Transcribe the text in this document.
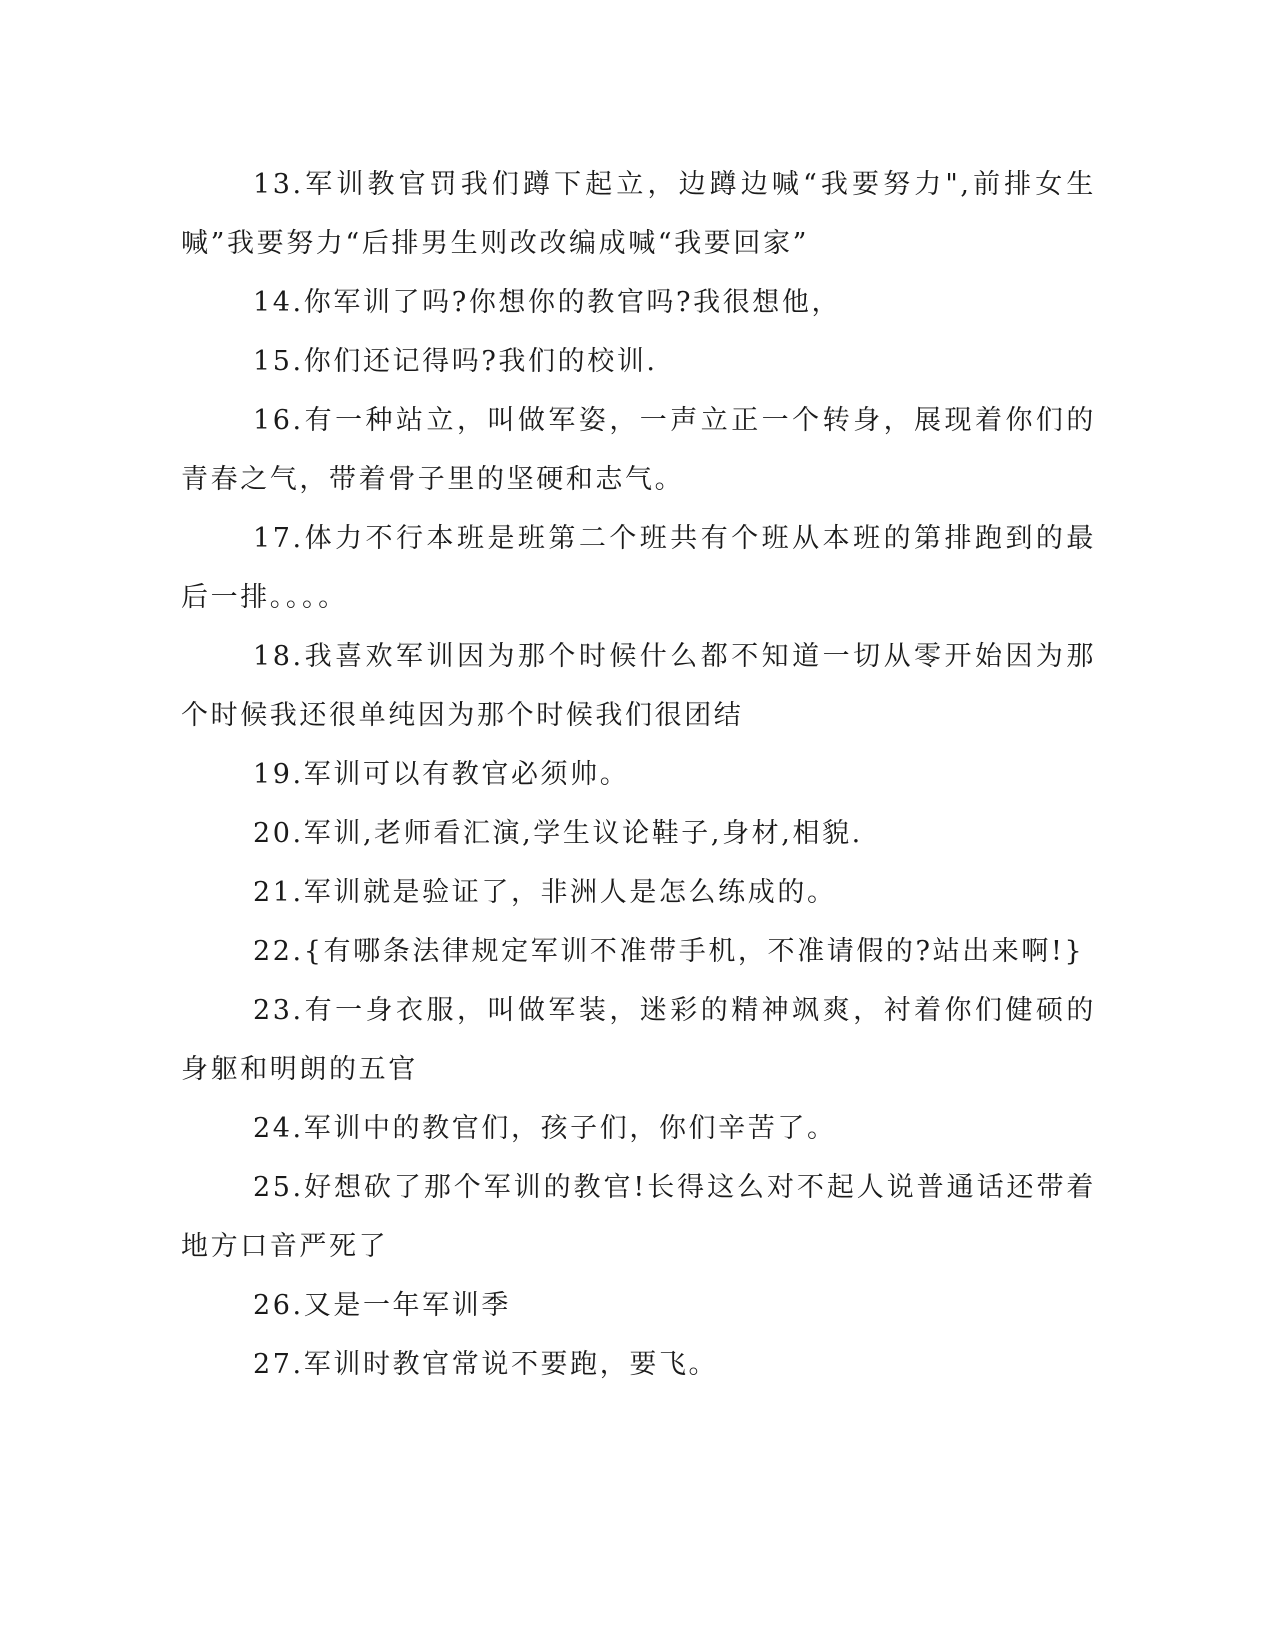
13.军训教官罚我们蹲下起立，边蹲边喊“我要努力",前排女生喊”我要努力“后排男生则改改编成喊“我要回家”

14.你军训了吗?你想你的教官吗?我很想他，

15.你们还记得吗?我们的校训.

16.有一种站立，叫做军姿，一声立正一个转身，展现着你们的青春之气，带着骨子里的坚硬和志气。

17.体力不行本班是班第二个班共有个班从本班的第排跑到的最后一排。。。。

18.我喜欢军训因为那个时候什么都不知道一切从零开始因为那个时候我还很单纯因为那个时候我们很团结

19.军训可以有教官必须帅。

20.军训,老师看汇演,学生议论鞋子,身材,相貌.

21.军训就是验证了，非洲人是怎么练成的。

22.{有哪条法律规定军训不准带手机，不准请假的?站出来啊!}

23.有一身衣服，叫做军装，迷彩的精神飒爽，衬着你们健硕的身躯和明朗的五官

24.军训中的教官们，孩子们，你们辛苦了。

25.好想砍了那个军训的教官!长得这么对不起人说普通话还带着地方口音严死了

26.又是一年军训季

27.军训时教官常说不要跑，要飞。
